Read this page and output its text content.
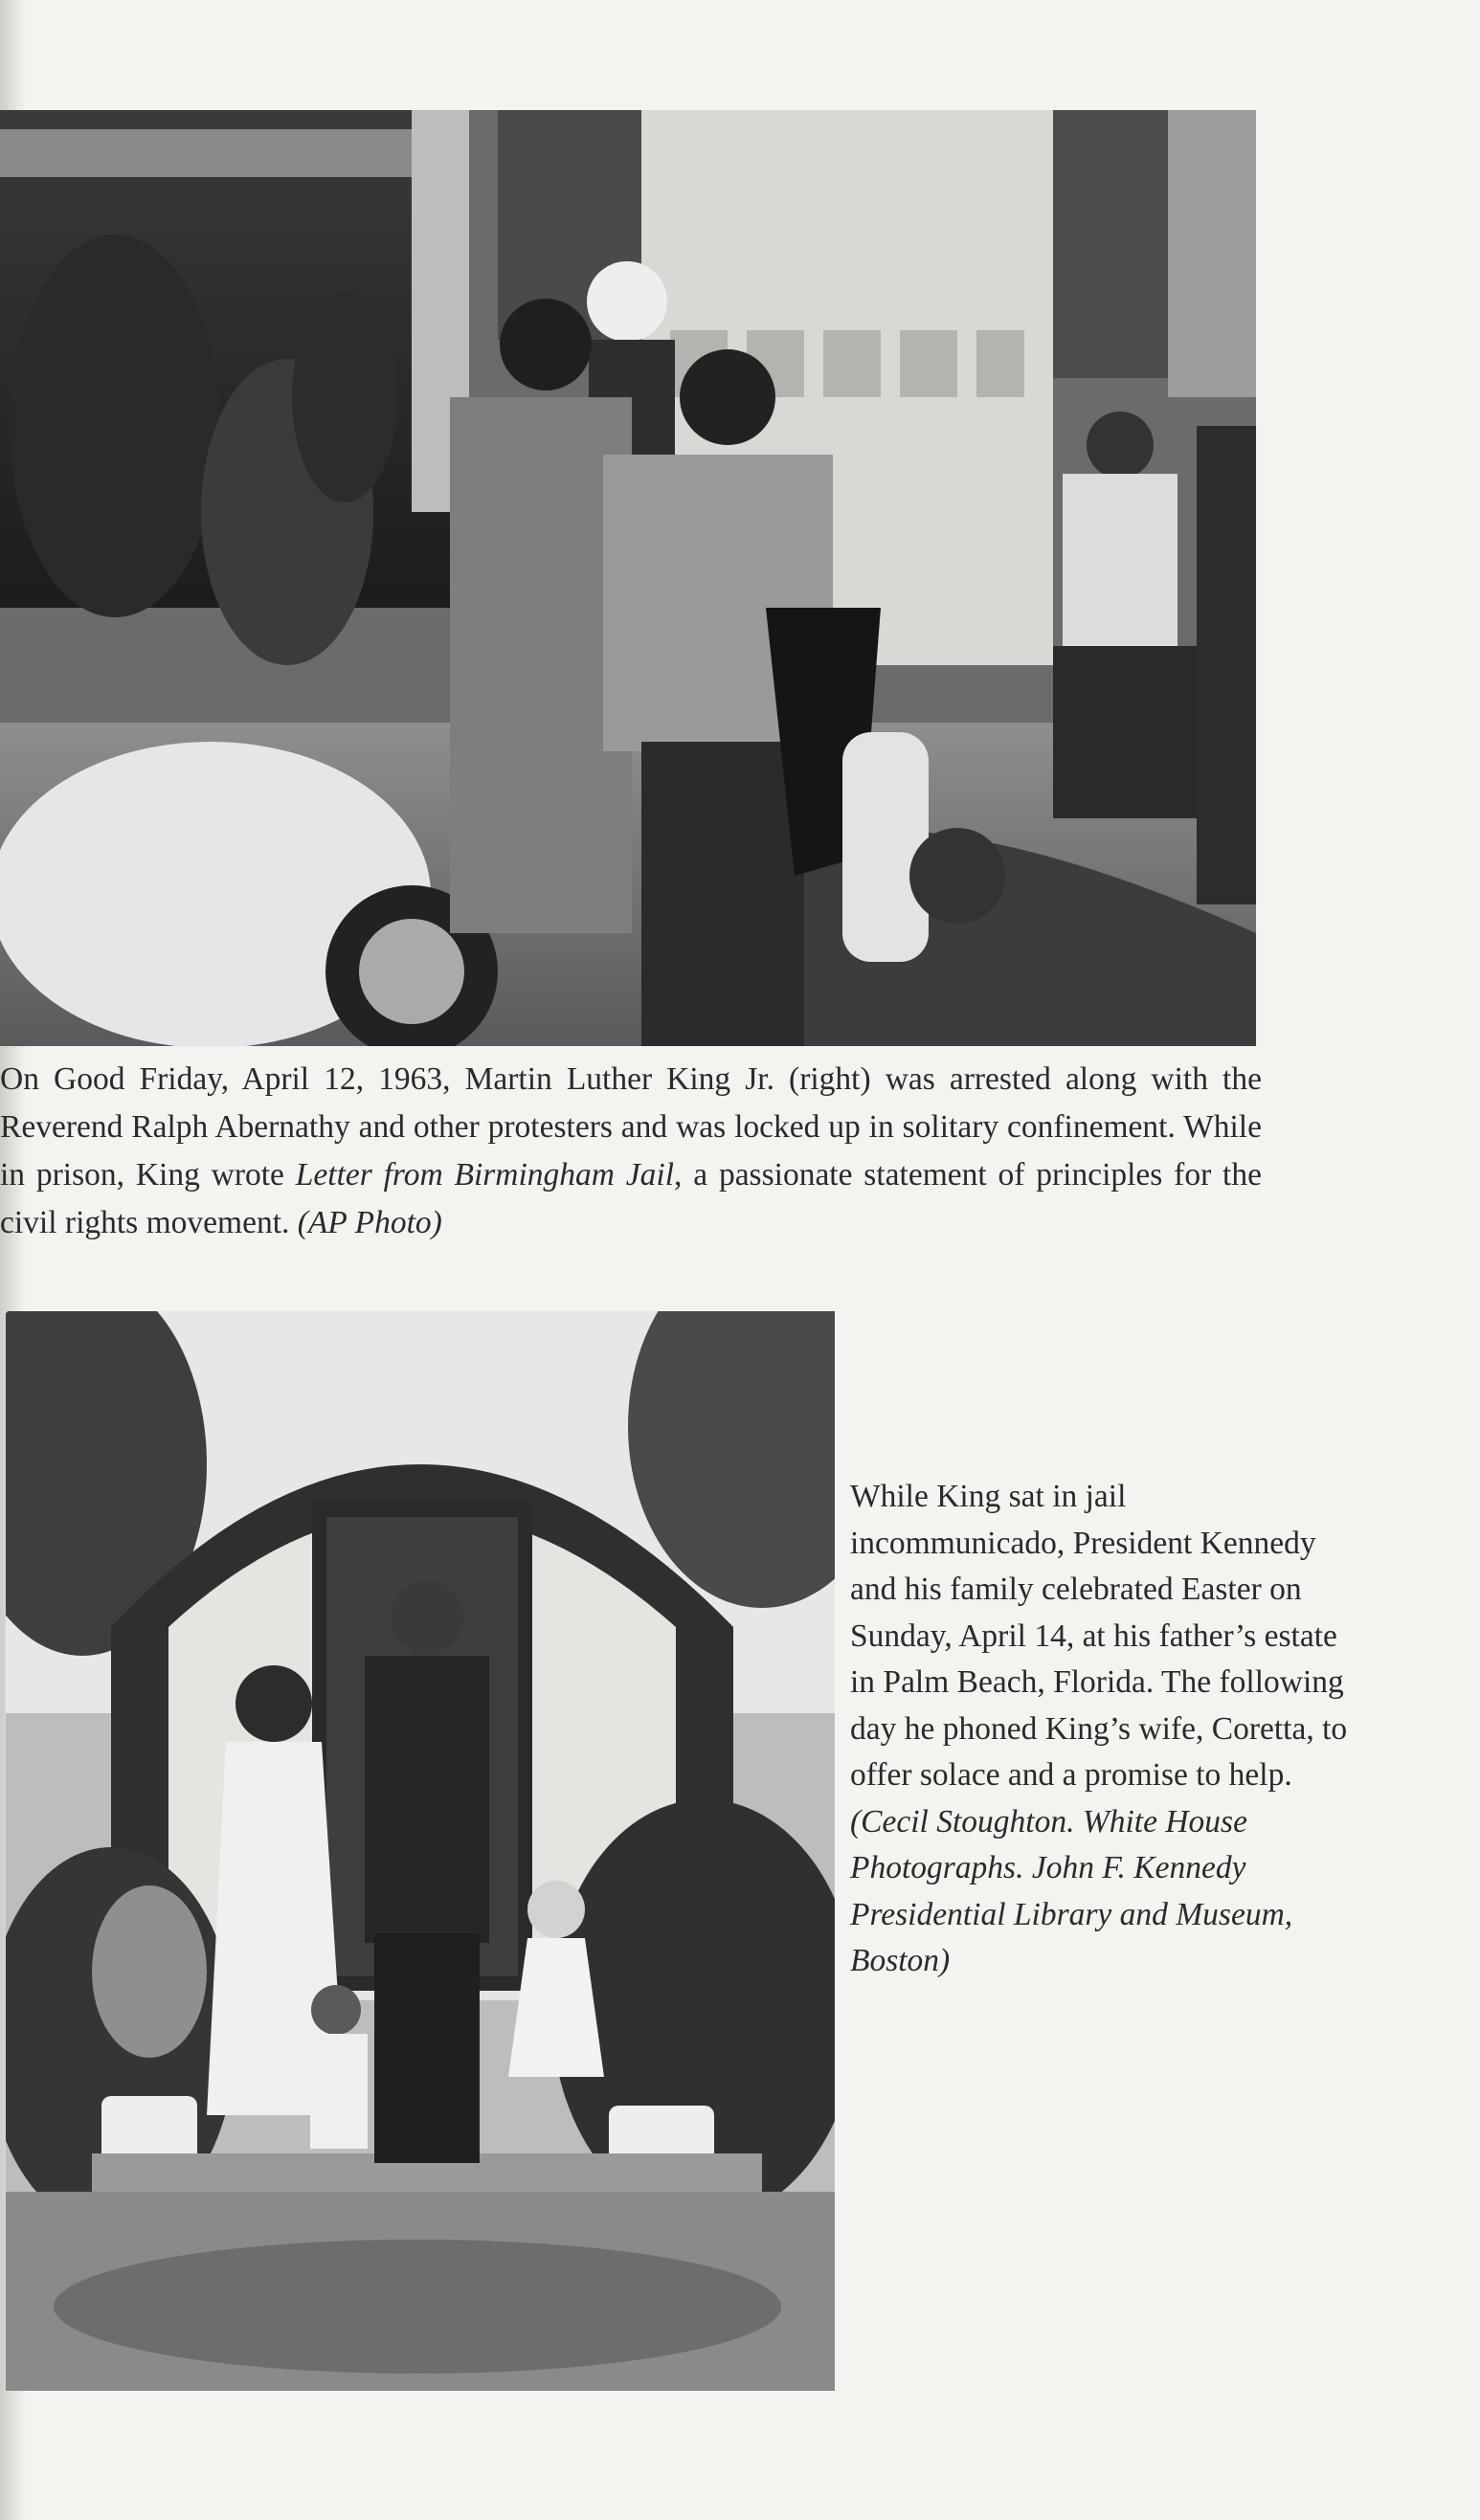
On Good Friday, April 12, 1963, Martin Luther King Jr. (right) was arrested along with the Reverend Ralph Abernathy and other protesters and was locked up in solitary confinement. While in prison, King wrote Letter from Birmingham Jail, a passionate statement of principles for the civil rights movement. (AP Photo)

While King sat in jail incommunicado, President Kennedy and his family celebrated Easter on Sunday, April 14, at his father’s estate in Palm Beach, Florida. The following day he phoned King’s wife, Coretta, to offer solace and a promise to help. (Cecil Stoughton. White House Photographs. John F. Kennedy Presidential Library and Museum, Boston)
